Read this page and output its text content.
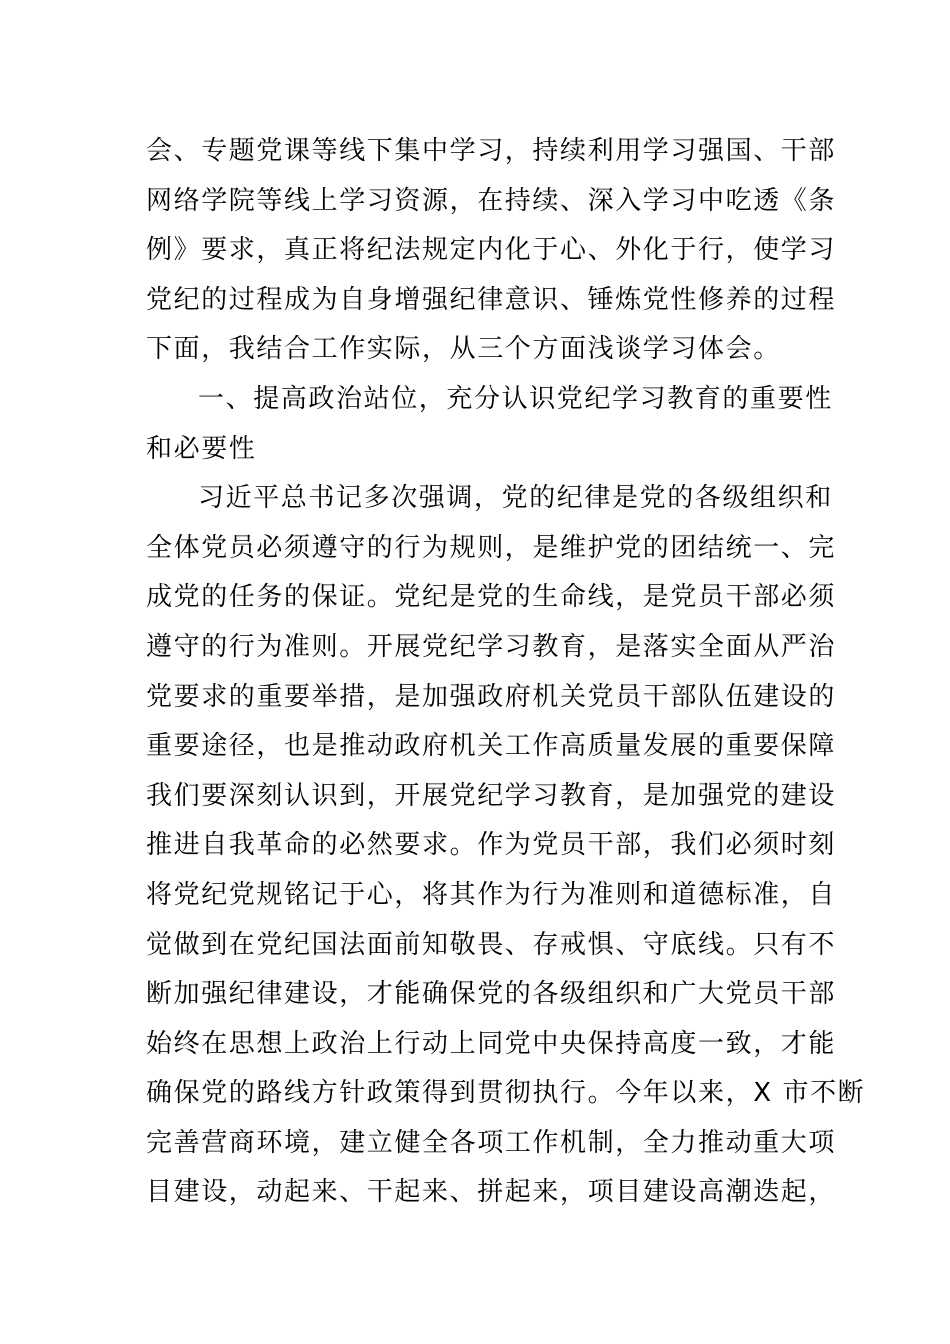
会、专题党课等线下集中学习，持续利用学习强国、干部
网络学院等线上学习资源，在持续、深入学习中吃透《条
例》要求，真正将纪法规定内化于心、外化于行，使学习
党纪的过程成为自身增强纪律意识、锤炼党性修养的过程
下面，我结合工作实际，从三个方面浅谈学习体会。
一、提高政治站位，充分认识党纪学习教育的重要性
和必要性
习近平总书记多次强调，党的纪律是党的各级组织和
全体党员必须遵守的行为规则，是维护党的团结统一、完
成党的任务的保证。党纪是党的生命线，是党员干部必须
遵守的行为准则。开展党纪学习教育，是落实全面从严治
党要求的重要举措，是加强政府机关党员干部队伍建设的
重要途径，也是推动政府机关工作高质量发展的重要保障
我们要深刻认识到，开展党纪学习教育，是加强党的建设
推进自我革命的必然要求。作为党员干部，我们必须时刻
将党纪党规铭记于心，将其作为行为准则和道德标准，自
觉做到在党纪国法面前知敬畏、存戒惧、守底线。只有不
断加强纪律建设，才能确保党的各级组织和广大党员干部
始终在思想上政治上行动上同党中央保持高度一致，才能
确保党的路线方针政策得到贯彻执行。今年以来，X 市不断
完善营商环境，建立健全各项工作机制，全力推动重大项
目建设，动起来、干起来、拼起来，项目建设高潮迭起，
